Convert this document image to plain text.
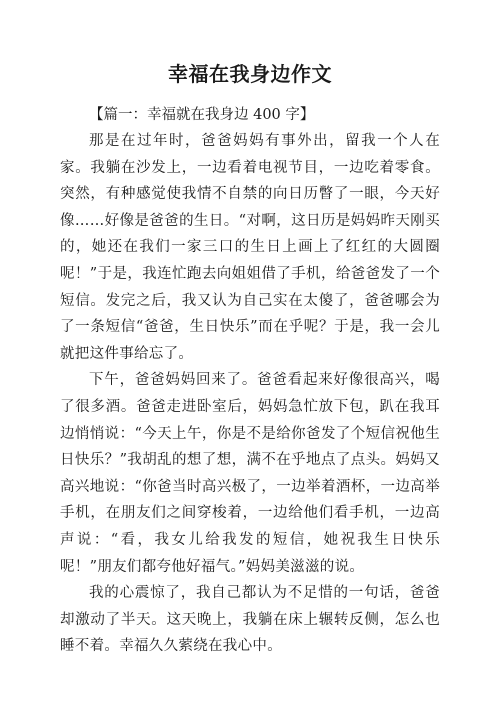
幸福在我身边作文

【篇一：幸福就在我身边 400 字】

那是在过年时，爸爸妈妈有事外出，留我一个人在家。我躺在沙发上，一边看着电视节目，一边吃着零食。突然，有种感觉使我情不自禁的向日历瞥了一眼，今天好像……好像是爸爸的生日。“对啊，这日历是妈妈昨天刚买的，她还在我们一家三口的生日上画上了红红的大圆圈呢！”于是，我连忙跑去向姐姐借了手机，给爸爸发了一个短信。发完之后，我又认为自己实在太傻了，爸爸哪会为了一条短信“爸爸，生日快乐”而在乎呢？于是，我一会儿就把这件事给忘了。

下午，爸爸妈妈回来了。爸爸看起来好像很高兴，喝了很多酒。爸爸走进卧室后，妈妈急忙放下包，趴在我耳边悄悄说：“今天上午，你是不是给你爸发了个短信祝他生日快乐？”我胡乱的想了想，满不在乎地点了点头。妈妈又高兴地说：“你爸当时高兴极了，一边举着酒杯，一边高举手机，在朋友们之间穿梭着，一边给他们看手机，一边高声说：“看，我女儿给我发的短信，她祝我生日快乐呢！”朋友们都夸他好福气。”妈妈美滋滋的说。

我的心震惊了，我自己都认为不足惜的一句话，爸爸却激动了半天。这天晚上，我躺在床上辗转反侧，怎么也睡不着。幸福久久萦绕在我心中。
